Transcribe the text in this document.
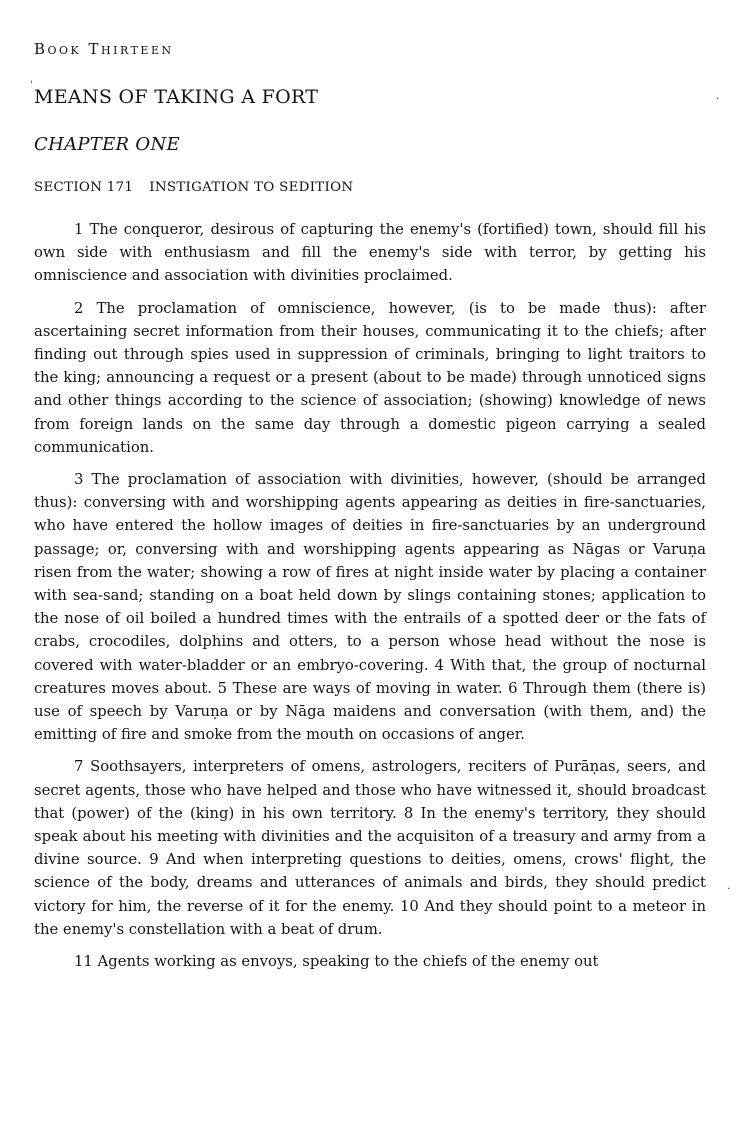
'
·
·
Book Thirteen
MEANS OF TAKING A FORT
CHAPTER ONE
SECTION 171 INSTIGATION TO SEDITION

1 The conqueror, desirous of capturing the enemy's (fortified) town, should fill his own side with enthusiasm and fill the enemy's side with terror, by getting his omniscience and association with divinities proclaimed.

2 The proclamation of omniscience, however, (is to be made thus): after ascertaining secret information from their houses, communicating it to the chiefs; after finding out through spies used in suppression of criminals, bringing to light traitors to the king; announcing a request or a present (about to be made) through unnoticed signs and other things according to the science of association; (showing) knowledge of news from foreign lands on the same day through a domestic pigeon carrying a sealed communication.

3 The proclamation of association with divinities, however, (should be arranged thus): conversing with and worshipping agents appearing as deities in fire-sanctuaries, who have entered the hollow images of deities in fire-sanctuaries by an underground passage; or, conversing with and worshipping agents appearing as Nāgas or Varuṇa risen from the water; showing a row of fires at night inside water by placing a container with sea-sand; standing on a boat held down by slings containing stones; application to the nose of oil boiled a hundred times with the entrails of a spotted deer or the fats of crabs, crocodiles, dolphins and otters, to a person whose head without the nose is covered with water-bladder or an embryo-covering. 4 With that, the group of nocturnal creatures moves about. 5 These are ways of moving in water. 6 Through them (there is) use of speech by Varuṇa or by Nāga maidens and conversation (with them, and) the emitting of fire and smoke from the mouth on occasions of anger.

7 Soothsayers, interpreters of omens, astrologers, reciters of Purāṇas, seers, and secret agents, those who have helped and those who have witnessed it, should broadcast that (power) of the (king) in his own territory. 8 In the enemy's territory, they should speak about his meeting with divinities and the acquisiton of a treasury and army from a divine source. 9 And when interpreting questions to deities, omens, crows' flight, the science of the body, dreams and utterances of animals and birds, they should predict victory for him, the reverse of it for the enemy. 10 And they should point to a meteor in the enemy's constellation with a beat of drum.

11 Agents working as envoys, speaking to the chiefs of the enemy out
